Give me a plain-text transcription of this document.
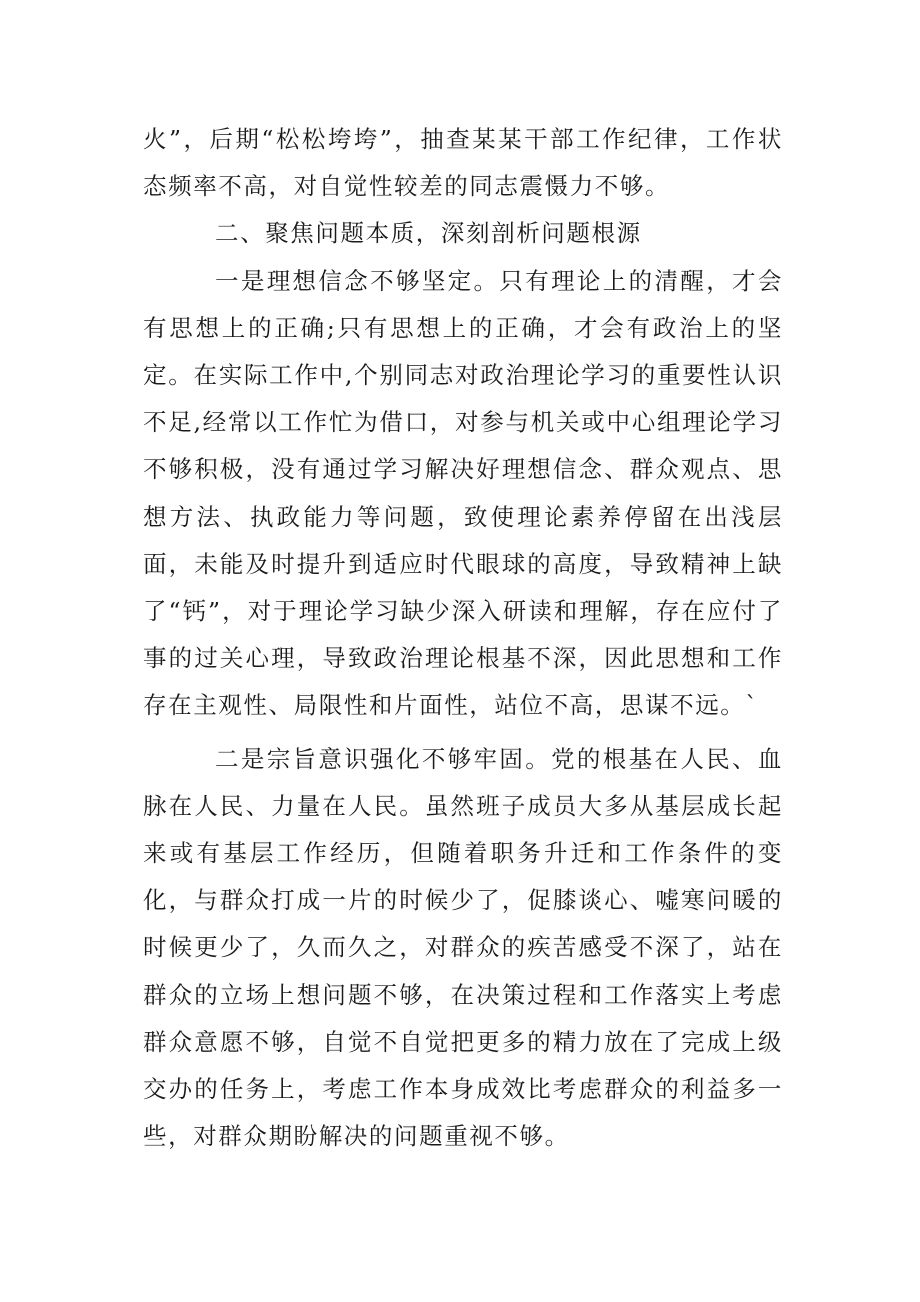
火”，后期“松松垮垮”，抽查某某干部工作纪律，工作状态频率不高，对自觉性较差的同志震慑力不够。

二、聚焦问题本质，深刻剖析问题根源

一是理想信念不够坚定。只有理论上的清醒，才会有思想上的正确;只有思想上的正确，才会有政治上的坚定。在实际工作中,个别同志对政治理论学习的重要性认识不足,经常以工作忙为借口，对参与机关或中心组理论学习不够积极，没有通过学习解决好理想信念、群众观点、思想方法、执政能力等问题，致使理论素养停留在出浅层面，未能及时提升到适应时代眼球的高度，导致精神上缺了“钙”，对于理论学习缺少深入研读和理解，存在应付了事的过关心理，导致政治理论根基不深，因此思想和工作存在主观性、局限性和片面性，站位不高，思谋不远。`

二是宗旨意识强化不够牢固。党的根基在人民、血脉在人民、力量在人民。虽然班子成员大多从基层成长起来或有基层工作经历，但随着职务升迁和工作条件的变化，与群众打成一片的时候少了，促膝谈心、嘘寒问暖的时候更少了，久而久之，对群众的疾苦感受不深了，站在群众的立场上想问题不够，在决策过程和工作落实上考虑群众意愿不够，自觉不自觉把更多的精力放在了完成上级交办的任务上，考虑工作本身成效比考虑群众的利益多一些，对群众期盼解决的问题重视不够。
